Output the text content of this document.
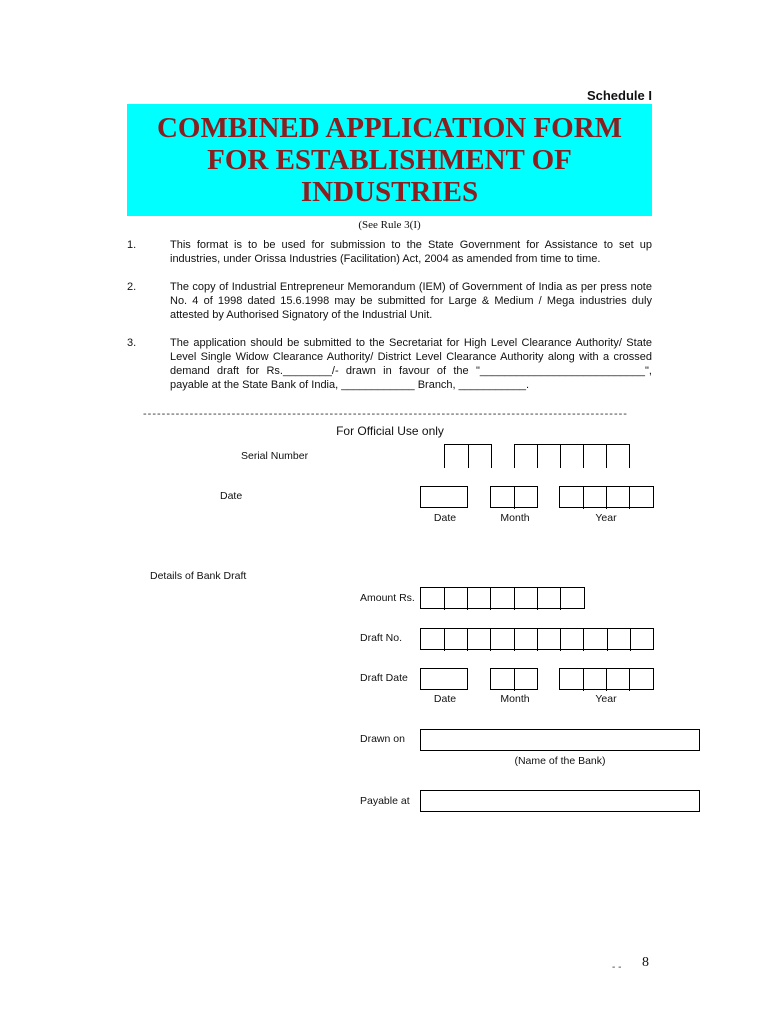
Schedule I
COMBINED APPLICATION FORM
FOR ESTABLISHMENT OF
INDUSTRIES
(See Rule 3(I)
1.	This format is to be used for submission to the State Government for Assistance to set up industries, under Orissa Industries (Facilitation) Act, 2004 as amended from time to time.
2.	The copy of Industrial Entrepreneur Memorandum (IEM) of Government of India as per press note No. 4 of 1998 dated 15.6.1998 may be submitted for Large & Medium / Mega industries duly attested by Authorised Signatory of the Industrial Unit.
3.	The application should be submitted to the Secretariat for High Level Clearance Authority/ State Level Single Widow Clearance Authority/ District Level Clearance Authority along with a crossed demand draft for Rs.________/- drawn in favour of the "___________________________", payable at the State Bank of India, ____________ Branch, ___________.
--------------------------------------------------------------------------------------------------------
For Official Use only
Serial Number
Date
Date	Month	Year
Details of Bank Draft
Amount Rs.
Draft No.
Draft Date
Date	Month	Year
Drawn on
(Name of the Bank)
Payable at
- - 8
